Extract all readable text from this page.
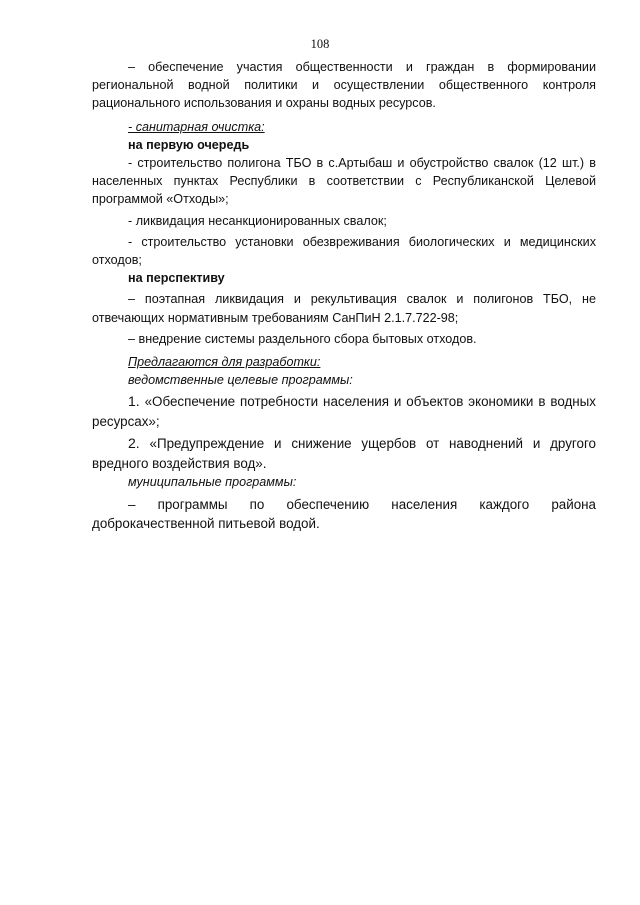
108

– обеспечение участия общественности и граждан в формировании региональной водной политики и осуществлении общественного контроля рационального использования и охраны водных ресурсов.

- санитарная очистка:

на первую очередь

- строительство полигона ТБО в с.Артыбаш и обустройство свалок (12 шт.) в населенных пунктах Республики в соответствии с Республиканской Целевой программой «Отходы»;

- ликвидация несанкционированных свалок;

- строительство установки обезвреживания биологических и медицинских отходов;

на перспективу

– поэтапная ликвидация и рекультивация свалок и полигонов ТБО, не отвечающих нормативным требованиям СанПиН 2.1.7.722-98;

– внедрение системы раздельного сбора бытовых отходов.

Предлагаются для разработки:

ведомственные целевые программы:

1. «Обеспечение потребности населения и объектов экономики в водных ресурсах»;

2. «Предупреждение и снижение ущербов от наводнений и другого вредного воздействия вод».

муниципальные программы:

– программы по обеспечению населения каждого района доброкачественной питьевой водой.
